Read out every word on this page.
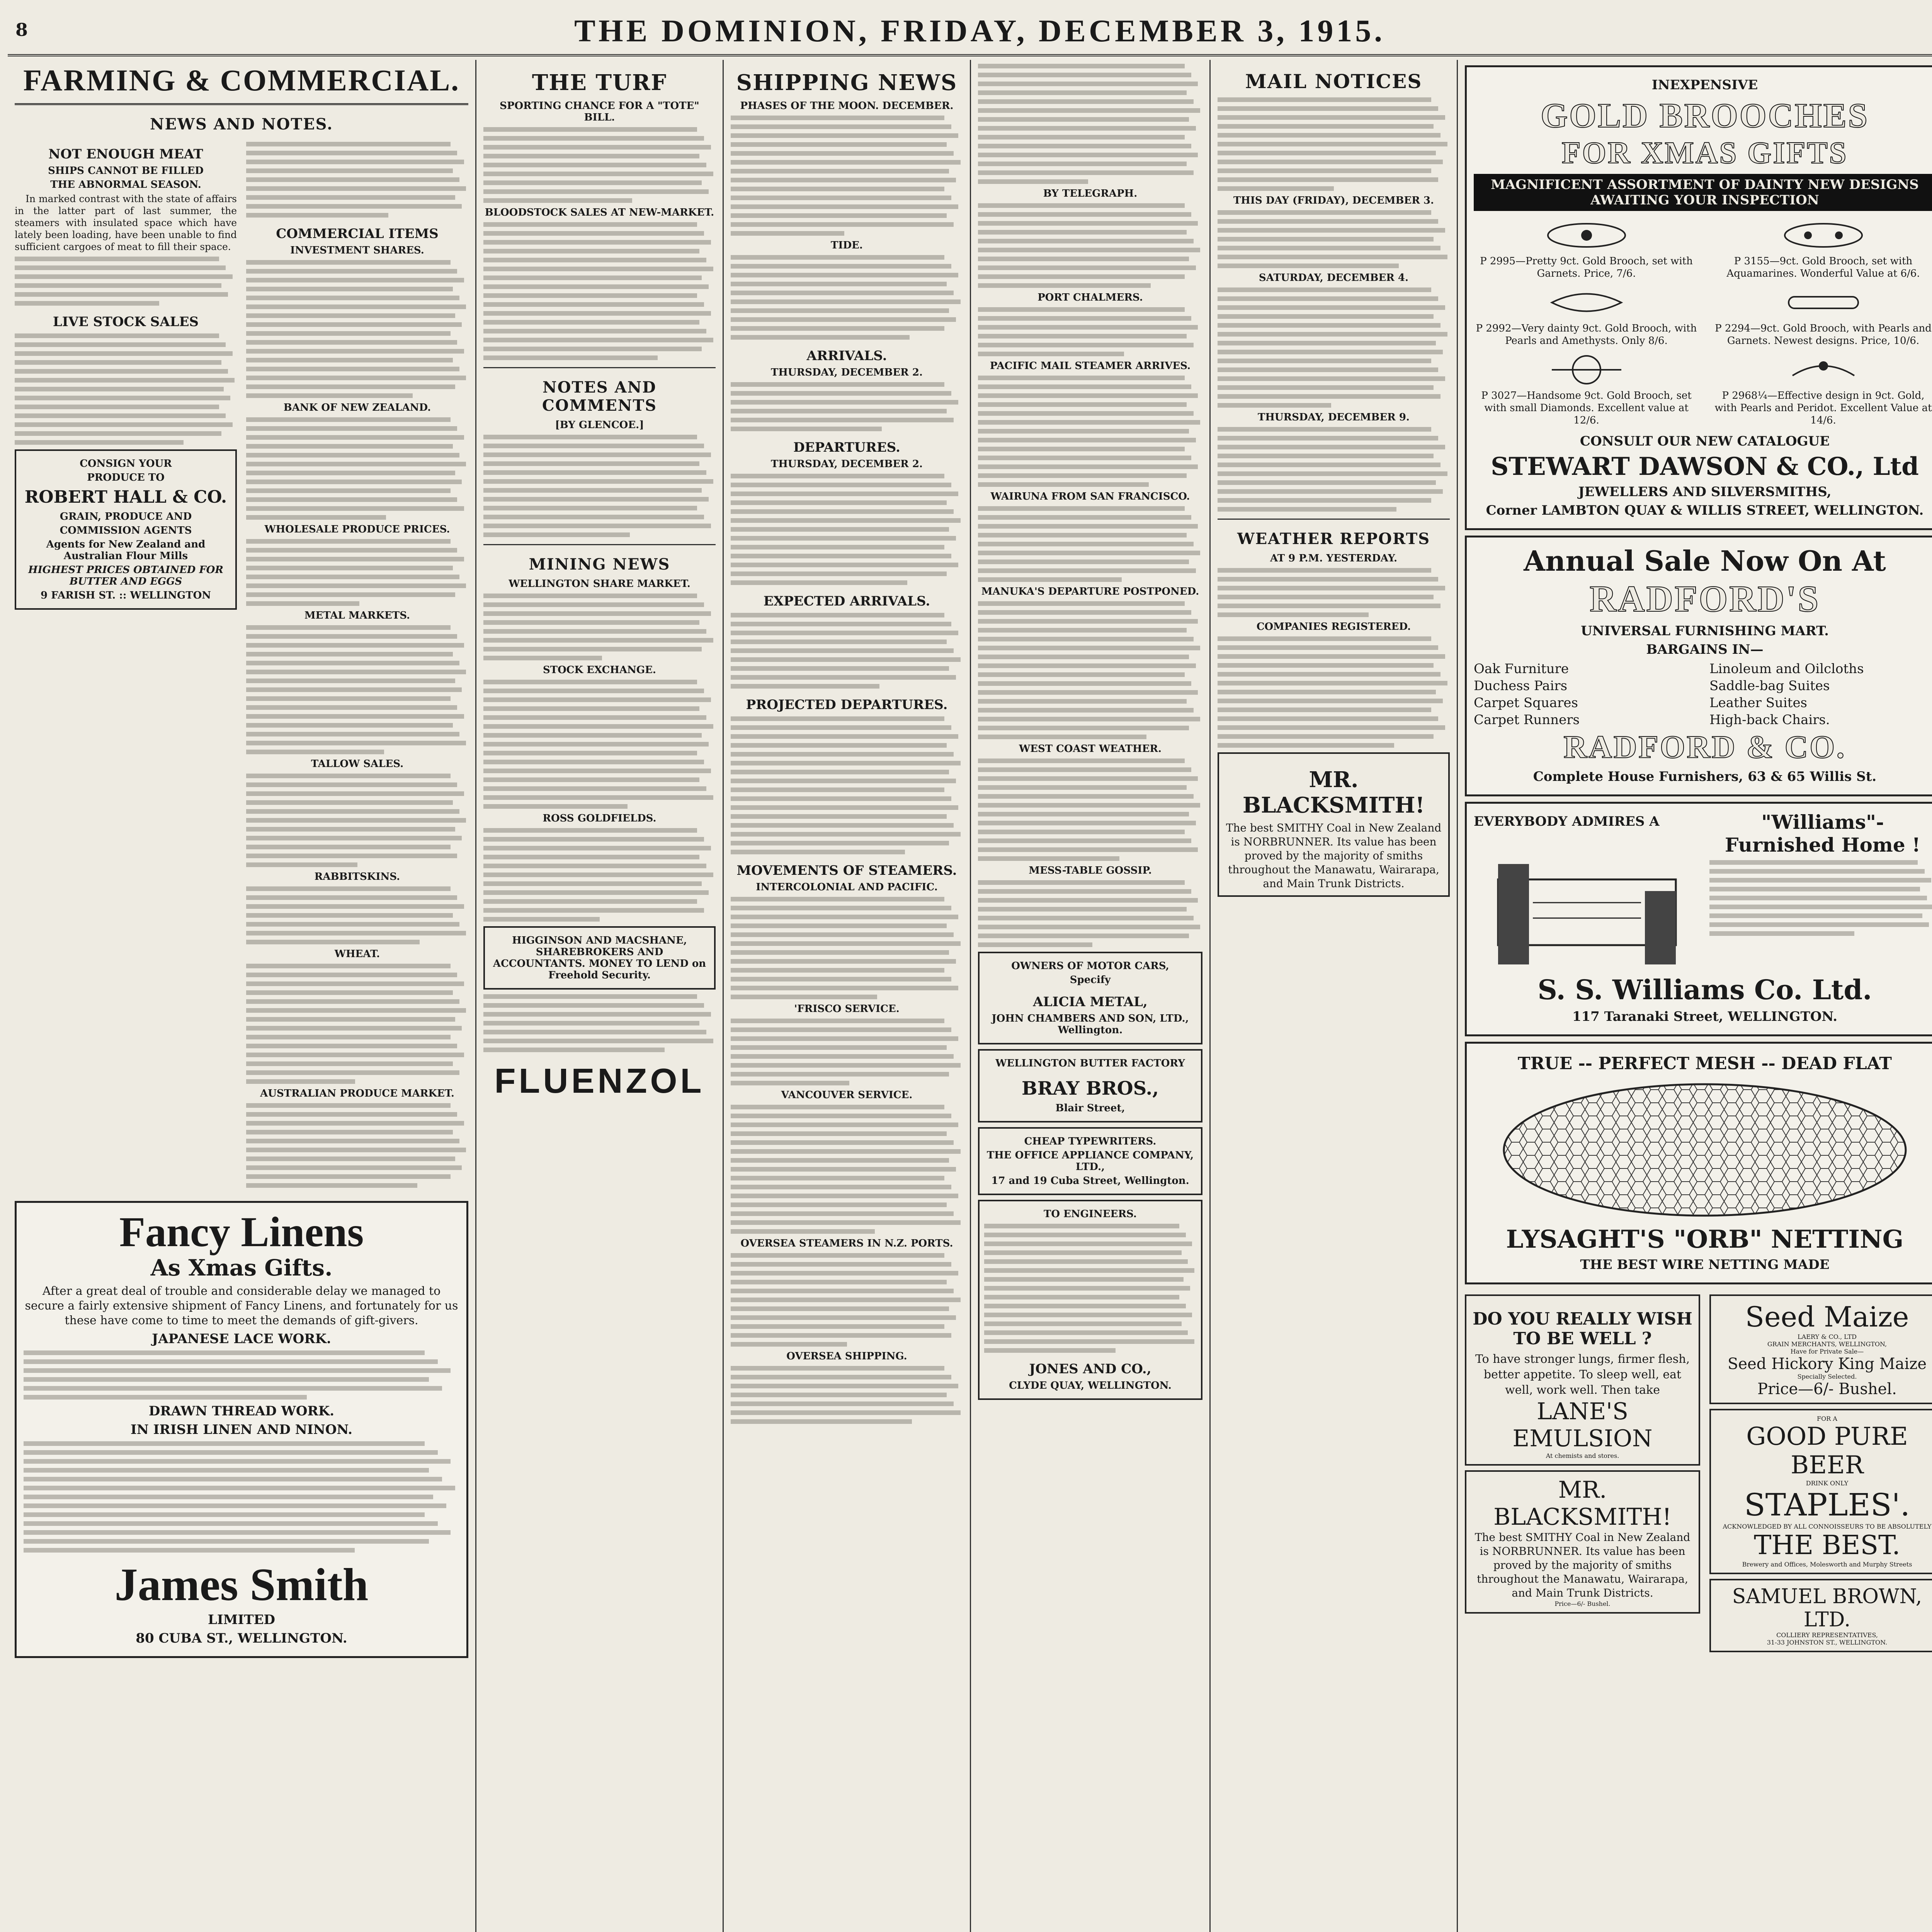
8	THE DOMINION, FRIDAY, DECEMBER 3, 1915.
FARMING & COMMERCIAL.
NEWS AND NOTES.
NOT ENOUGH MEAT
SHIPS CANNOT BE FILLED
THE ABNORMAL SEASON.

In marked contrast with the state of affairs in the latter part of last summer, the steamers with insulated space which have lately been loading, have been unable to find sufficient cargoes of meat to fill their space.

LIVE STOCK SALES
CONSIGN YOUR
PRODUCE TO
ROBERT HALL & CO.
GRAIN, PRODUCE AND
COMMISSION AGENTS
Agents for New Zealand and Australian Flour Mills
HIGHEST PRICES OBTAINED FOR BUTTER AND EGGS
9 FARISH ST. :: WELLINGTON
COMMERCIAL ITEMS
INVESTMENT SHARES.
BANK OF NEW ZEALAND.
WHOLESALE PRODUCE PRICES.
METAL MARKETS.
TALLOW SALES.
RABBITSKINS.
WHEAT.
AUSTRALIAN PRODUCE MARKET.
Fancy Linens
As Xmas Gifts.
After a great deal of trouble and considerable delay we managed to secure a fairly extensive shipment of Fancy Linens, and fortunately for us these have come to time to meet the demands of gift-givers.
JAPANESE LACE WORK.
DRAWN THREAD WORK.
IN IRISH LINEN AND NINON.
James Smith
LIMITED
80 CUBA ST., WELLINGTON.
THE TURF
SPORTING CHANCE FOR A "TOTE" BILL.
BLOODSTOCK SALES AT NEW-MARKET.
NOTES AND COMMENTS
[BY GLENCOE.]
MINING NEWS
WELLINGTON SHARE MARKET.
STOCK EXCHANGE.
ROSS GOLDFIELDS.
HIGGINSON AND MACSHANE, SHAREBROKERS AND ACCOUNTANTS. MONEY TO LEND on Freehold Security.
FLUENZOL
SHIPPING NEWS
PHASES OF THE MOON. DECEMBER.
TIDE.
ARRIVALS.
THURSDAY, DECEMBER 2.
DEPARTURES.
THURSDAY, DECEMBER 2.
EXPECTED ARRIVALS.
PROJECTED DEPARTURES.
MOVEMENTS OF STEAMERS.
INTERCOLONIAL AND PACIFIC.
'FRISCO SERVICE.
VANCOUVER SERVICE.
OVERSEA STEAMERS IN N.Z. PORTS.
OVERSEA SHIPPING.
BY TELEGRAPH.
PORT CHALMERS.
PACIFIC MAIL STEAMER ARRIVES.
WAIRUNA FROM SAN FRANCISCO.
MANUKA'S DEPARTURE POSTPONED.
WEST COAST WEATHER.
MESS-TABLE GOSSIP.
OWNERS OF MOTOR CARS,
Specify
ALICIA METAL,
JOHN CHAMBERS AND SON, LTD., Wellington.
WELLINGTON BUTTER FACTORY
BRAY BROS.,
Blair Street,
CHEAP TYPEWRITERS.
THE OFFICE APPLIANCE COMPANY, LTD.,
17 and 19 Cuba Street, Wellington.
TO ENGINEERS.
JONES AND CO.,
CLYDE QUAY, WELLINGTON.
MAIL NOTICES
THIS DAY (FRIDAY), DECEMBER 3.
SATURDAY, DECEMBER 4.
THURSDAY, DECEMBER 9.
WEATHER REPORTS
AT 9 P.M. YESTERDAY.
COMPANIES REGISTERED.
MR. BLACKSMITH!
The best SMITHY Coal in New Zealand is NORBRUNNER. Its value has been proved by the majority of smiths throughout the Manawatu, Wairarapa, and Main Trunk Districts.
INEXPENSIVE
GOLD BROOCHES
FOR XMAS GIFTS
MAGNIFICENT ASSORTMENT OF DAINTY NEW DESIGNS AWAITING YOUR INSPECTION
P 2995—Pretty 9ct. Gold Brooch, set with Garnets. Price, 7/6.
P 3155—9ct. Gold Brooch, set with Aquamarines. Wonderful Value at 6/6.
P 2992—Very dainty 9ct. Gold Brooch, with Pearls and Amethysts. Only 8/6.
P 2294—9ct. Gold Brooch, with Pearls and Garnets. Newest designs. Price, 10/6.
P 3027—Handsome 9ct. Gold Brooch, set with small Diamonds. Excellent value at 12/6.
P 2968¼—Effective design in 9ct. Gold, with Pearls and Peridot. Excellent Value at 14/6.
CONSULT OUR NEW CATALOGUE
STEWART DAWSON & CO., Ltd
JEWELLERS AND SILVERSMITHS,
Corner LAMBTON QUAY & WILLIS STREET, WELLINGTON.
Annual Sale Now On At
RADFORD'S
UNIVERSAL FURNISHING MART.
BARGAINS IN—
Oak Furniture
Duchess Pairs
Carpet Squares
Carpet Runners
Linoleum and Oilcloths
Saddle-bag Suites
Leather Suites
High-back Chairs.
RADFORD & CO.
Complete House Furnishers, 63 & 65 Willis St.
EVERYBODY ADMIRES A	"Williams"-Furnished Home !
S. S. Williams Co. Ltd.
117 Taranaki Street, WELLINGTON.
TRUE -- PERFECT MESH -- DEAD FLAT
LYSAGHT'S "ORB" NETTING
THE BEST WIRE NETTING MADE
DO YOU REALLY WISH TO BE WELL ?
To have stronger lungs, firmer flesh, better appetite. To sleep well, eat well, work well. Then take
LANE'S EMULSION
At chemists and stores.
MR. BLACKSMITH!
The best SMITHY Coal in New Zealand is NORBRUNNER. Its value has been proved by the majority of smiths throughout the Manawatu, Wairarapa, and Main Trunk Districts.
Price—6/- Bushel.
Seed Maize
LAERY & CO., LTD
GRAIN MERCHANTS, WELLINGTON,
Have for Private Sale—
Seed Hickory King Maize
Specially Selected.
Price—6/- Bushel.
FOR A
GOOD PURE BEER
DRINK ONLY
STAPLES'.
ACKNOWLEDGED BY ALL CONNOISSEURS TO BE ABSOLUTELY
THE BEST.
Brewery and Offices, Molesworth and Murphy Streets
SAMUEL BROWN, LTD.
COLLIERY REPRESENTATIVES,
31-33 JOHNSTON ST., WELLINGTON.
